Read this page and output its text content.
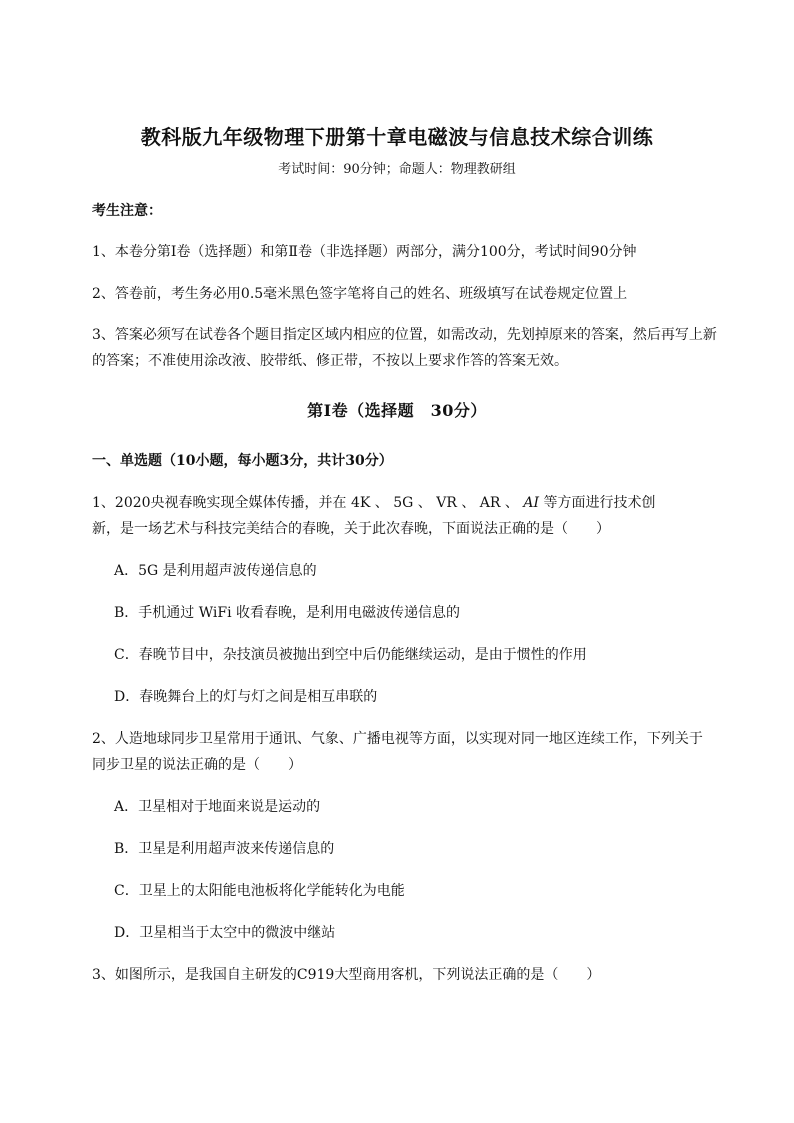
教科版九年级物理下册第十章电磁波与信息技术综合训练
考试时间：90分钟；命题人：物理教研组
考生注意：
1、本卷分第I卷（选择题）和第Ⅱ卷（非选择题）两部分，满分100分，考试时间90分钟
2、答卷前，考生务必用0.5毫米黑色签字笔将自己的姓名、班级填写在试卷规定位置上
3、答案必须写在试卷各个题目指定区域内相应的位置，如需改动，先划掉原来的答案，然后再写上新
的答案；不准使用涂改液、胶带纸、修正带，不按以上要求作答的答案无效。
第I卷（选择题　30分）
一、单选题（10小题，每小题3分，共计30分）
1、2020央视春晚实现全媒体传播，并在 4K 、 5G 、 VR 、 AR 、 AI 等方面进行技术创
新，是一场艺术与科技完美结合的春晚，关于此次春晚，下面说法正确的是（　　）
A．5G 是利用超声波传递信息的
B．手机通过 WiFi 收看春晚，是利用电磁波传递信息的
C．春晚节目中，杂技演员被抛出到空中后仍能继续运动，是由于惯性的作用
D．春晚舞台上的灯与灯之间是相互串联的
2、人造地球同步卫星常用于通讯、气象、广播电视等方面，以实现对同一地区连续工作，下列关于
同步卫星的说法正确的是（　　）
A．卫星相对于地面来说是运动的
B．卫星是利用超声波来传递信息的
C．卫星上的太阳能电池板将化学能转化为电能
D．卫星相当于太空中的微波中继站
3、如图所示，是我国自主研发的C919大型商用客机，下列说法正确的是（　　）
